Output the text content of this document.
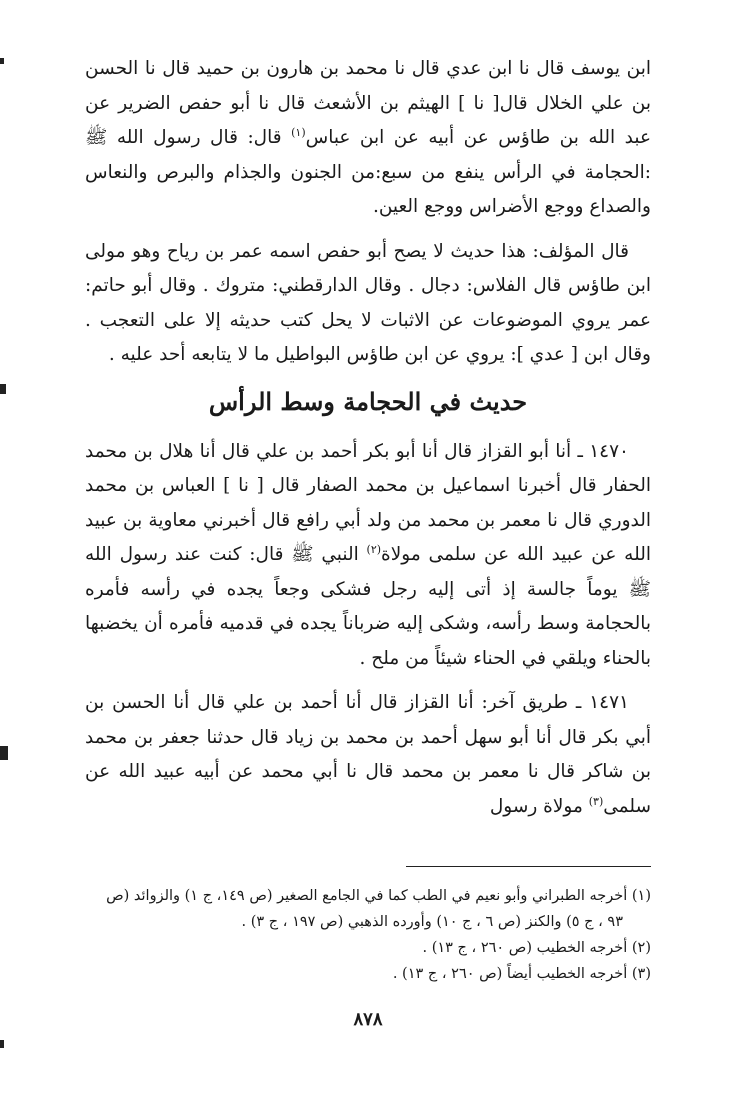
ابن يوسف قال نا ابن عدي قال نا محمد بن هارون بن حميد قال نا الحسن بن علي الخلال قال[ نا ] الهيثم بن الأشعث قال نا أبو حفص الضرير عن عبد الله بن طاؤس عن أبيه عن ابن عباس$^{(١)}$ قال: قال رسول الله ﷺ :الحجامة في الرأس ينفع من سبع:من الجنون والجذام والبرص والنعاس والصداع ووجع الأضراس ووجع العين.

قال المؤلف: هذا حديث لا يصح أبو حفص اسمه عمر بن رياح وهو مولى ابن طاؤس قال الفلاس: دجال . وقال الدارقطني: متروك . وقال أبو حاتم: عمر يروي الموضوعات عن الاثبات لا يحل كتب حديثه إلا على التعجب . وقال ابن [ عدي ]: يروي عن ابن طاؤس البواطيل ما لا يتابعه أحد عليه .

حديث في الحجامة وسط الرأس

١٤٧٠ ـ أنا أبو القزاز قال أنا أبو بكر أحمد بن علي قال أنا هلال بن محمد الحفار قال أخبرنا اسماعيل بن محمد الصفار قال [ نا ] العباس بن محمد الدوري قال نا معمر بن محمد من ولد أبي رافع قال أخبرني معاوية بن عبيد الله عن عبيد الله عن سلمى مولاة$^{(٢)}$ النبي ﷺ قال: كنت عند رسول الله ﷺ يوماً جالسة إذ أتى إليه رجل فشكى وجعاً يجده في رأسه فأمره بالحجامة وسط رأسه، وشكى إليه ضرباناً يجده في قدميه فأمره أن يخضبها بالحناء ويلقي في الحناء شيئاً من ملح .

١٤٧١ ـ طريق آخر: أنا القزاز قال أنا أحمد بن علي قال أنا الحسن بن أبي بكر قال أنا أبو سهل أحمد بن محمد بن زياد قال حدثنا جعفر بن محمد بن شاكر قال نا معمر بن محمد قال نا أبي محمد عن أبيه عبيد الله عن سلمى$^{(٣)}$ مولاة رسول

(١) أخرجه الطبراني وأبو نعيم في الطب كما في الجامع الصغير (ص ١٤٩، ج ١) والزوائد (ص

٩٣ ، ج ٥) والكنز (ص ٦ ، ج ١٠) وأورده الذهبي (ص ١٩٧ ، ج ٣) .

(٢) أخرجه الخطيب (ص ٢٦٠ ، ج ١٣) .

(٣) أخرجه الخطيب أيضاً (ص ٢٦٠ ، ج ١٣) .

٨٧٨
